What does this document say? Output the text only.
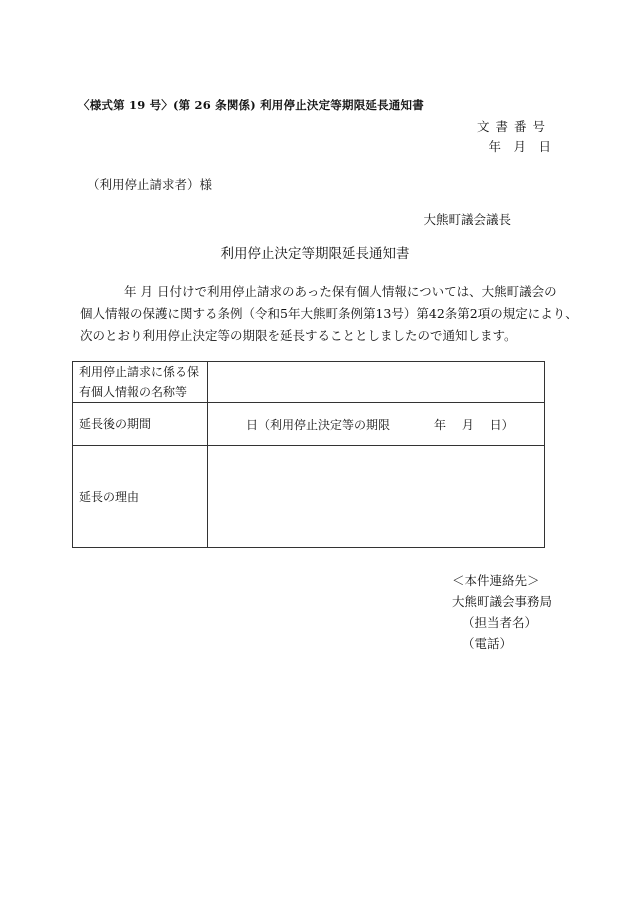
〈様式第 19 号〉(第 26 条関係) 利用停止決定等期限延長通知書
文書番号
年　月　日
（利用停止請求者）様
大熊町議会議長
利用停止決定等期限延長通知書
年 月 日付けで利用停止請求のあった保有個人情報については、大熊町議会の
個人情報の保護に関する条例（令和5年大熊町条例第13号）第42条第2項の規定により、
次のとおり利用停止決定等の期限を延長することとしましたので通知します。
利用停止請求に係る保有個人情報の名称等	
延長後の期間	日（利用停止決定等の期限 年　 月　 日）
延長の理由	
＜本件連絡先＞
大熊町議会事務局
（担当者名）
（電話）
